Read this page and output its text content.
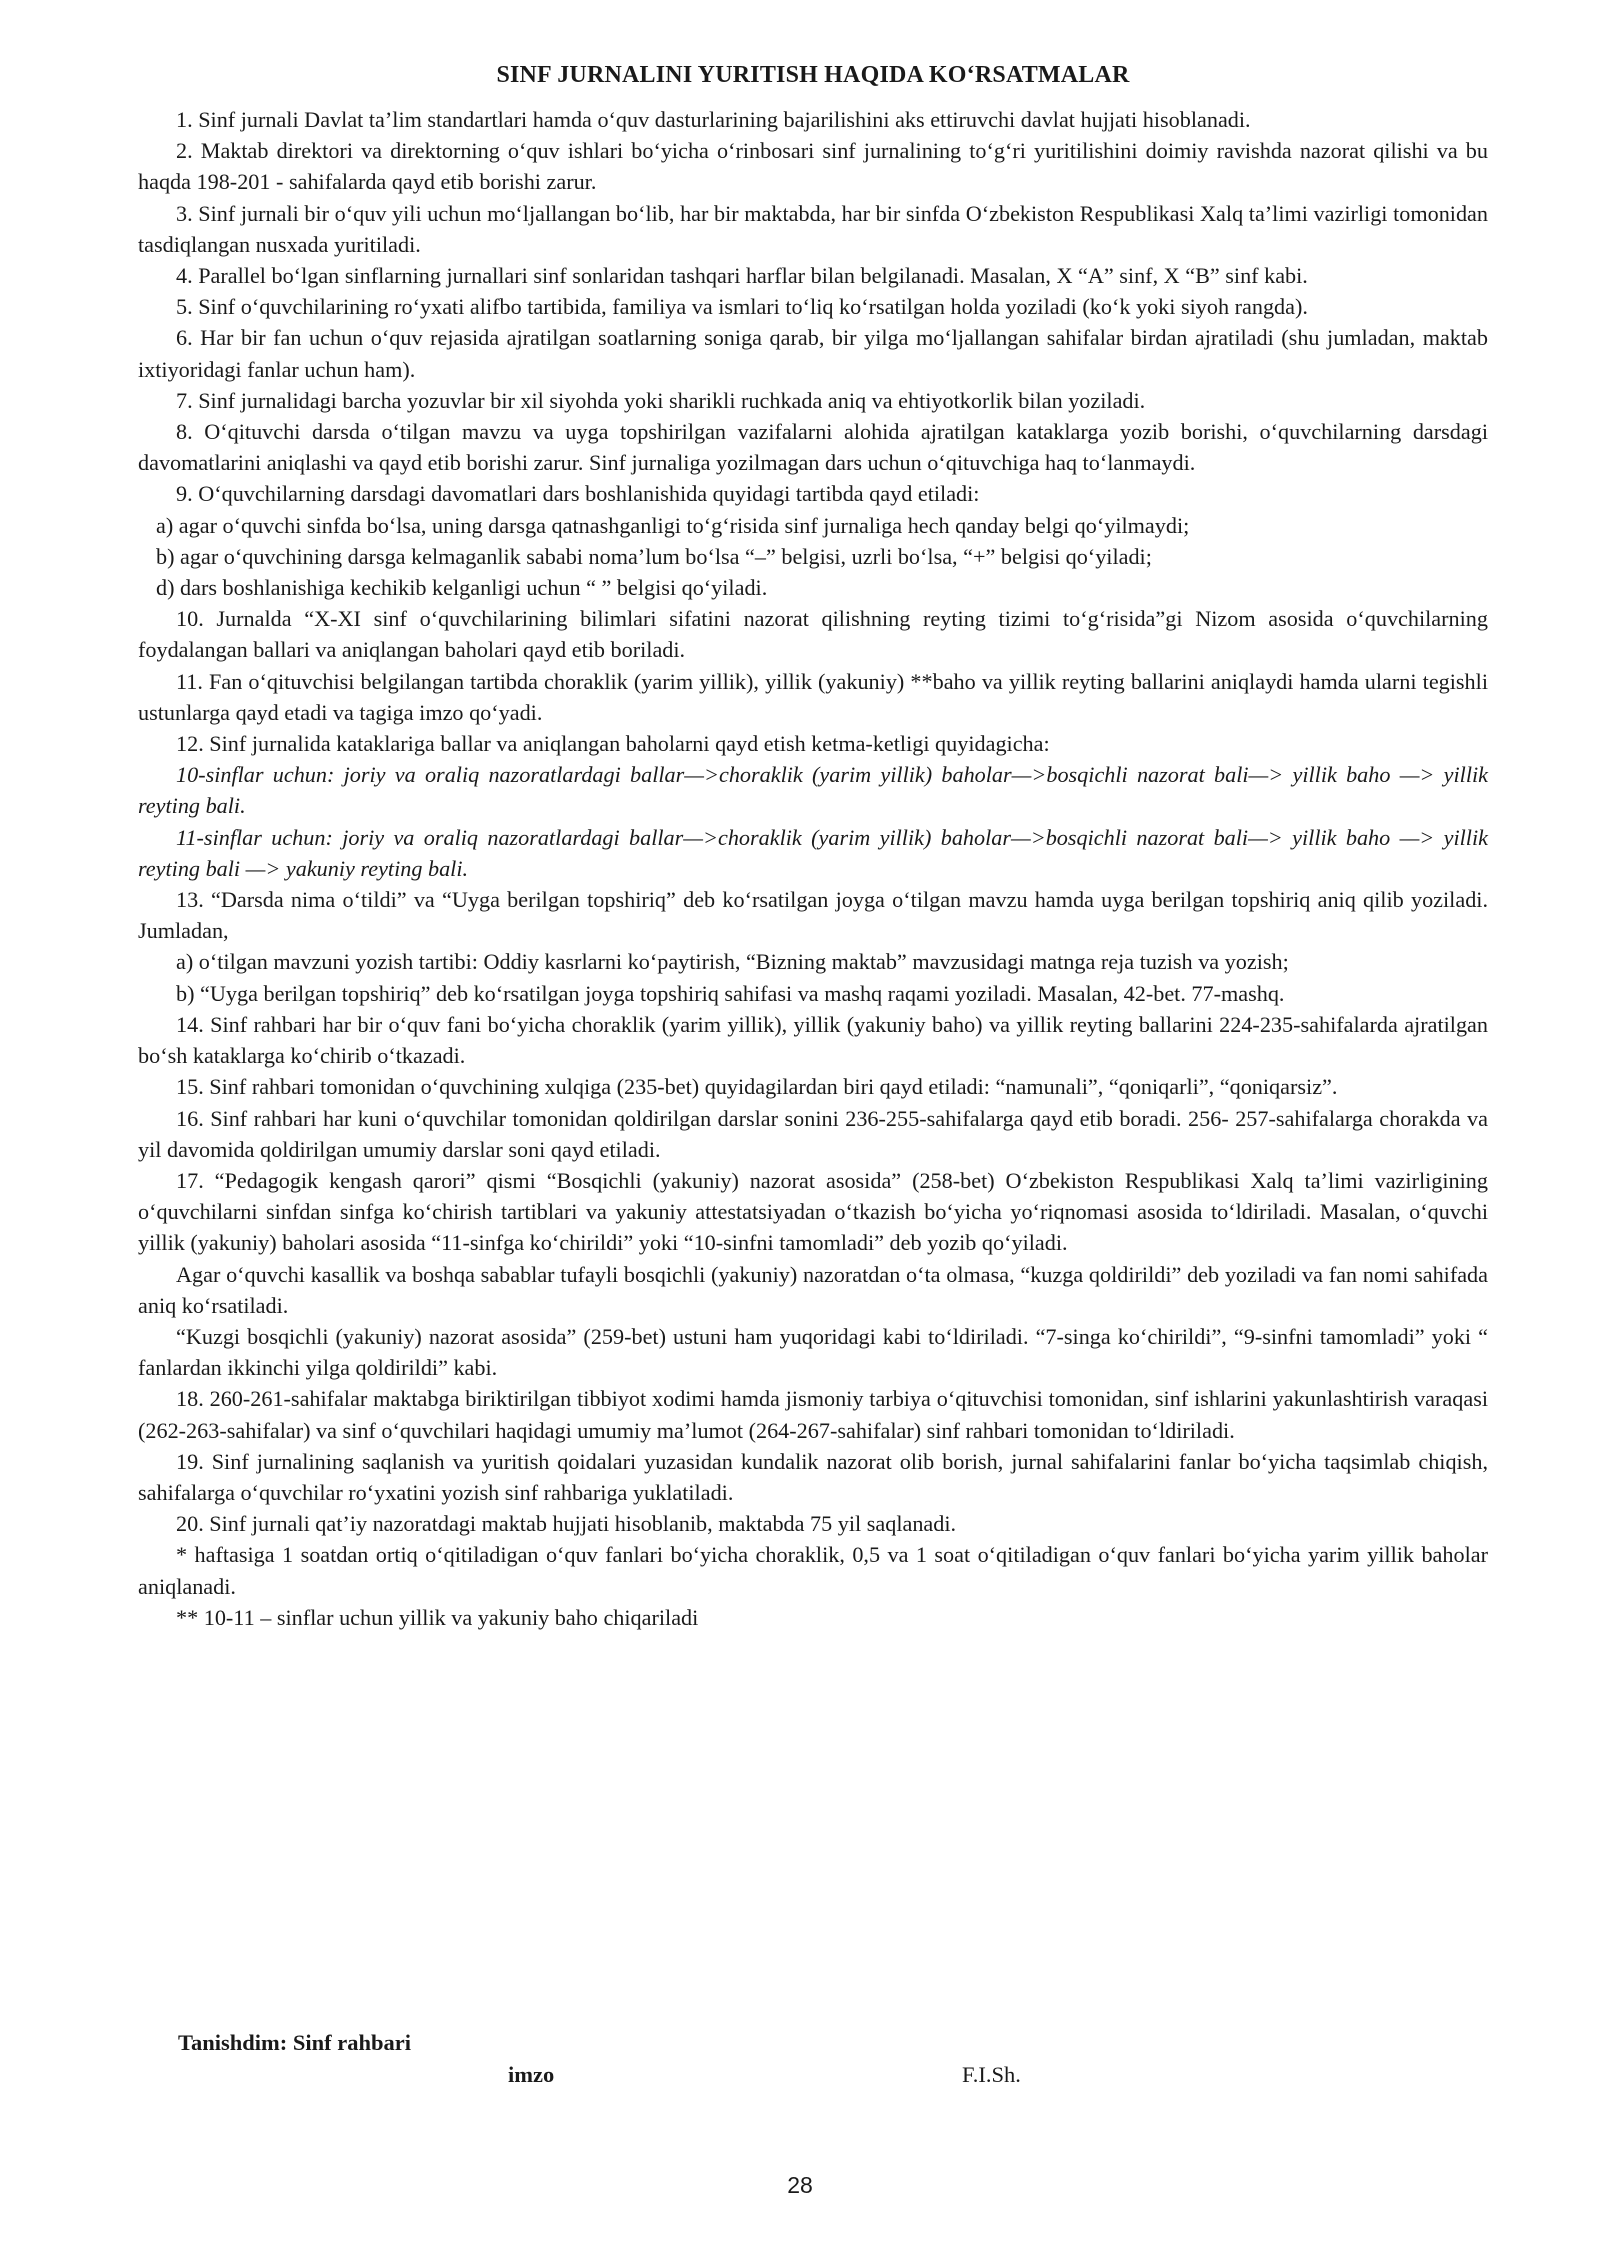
SINF JURNALINI YURITISH HAQIDA KO‘RSATMALAR

1. Sinf jurnali Davlat ta’lim standartlari hamda o‘quv dasturlarining bajarilishini aks ettiruvchi davlat hujjati hisoblanadi.

2. Maktab direktori va direktorning o‘quv ishlari bo‘yicha o‘rinbosari sinf jurnalining to‘g‘ri yuritilishini doimiy ravishda nazorat qilishi va bu haqda 198-201 - sahifalarda qayd etib borishi zarur.

3. Sinf jurnali bir o‘quv yili uchun mo‘ljallangan bo‘lib, har bir maktabda, har bir sinfda O‘zbekiston Respublikasi Xalq ta’limi vazirligi tomonidan tasdiqlangan nusxada yuritiladi.

4. Parallel bo‘lgan sinflarning jurnallari sinf sonlaridan tashqari harflar bilan belgilanadi. Masalan, X “A” sinf, X “B” sinf kabi.

5. Sinf o‘quvchilarining ro‘yxati alifbo tartibida, familiya va ismlari to‘liq ko‘rsatilgan holda yoziladi (ko‘k yoki siyoh rangda).

6. Har bir fan uchun o‘quv rejasida ajratilgan soatlarning soniga qarab, bir yilga mo‘ljallangan sahifalar birdan ajratiladi (shu jumladan, maktab ixtiyoridagi fanlar uchun ham).

7. Sinf jurnalidagi barcha yozuvlar bir xil siyohda yoki sharikli ruchkada aniq va ehtiyotkorlik bilan yoziladi.

8. O‘qituvchi darsda o‘tilgan mavzu va uyga topshirilgan vazifalarni alohida ajratilgan kataklarga yozib borishi, o‘quvchilarning darsdagi davomatlarini aniqlashi va qayd etib borishi zarur. Sinf jurnaliga yozilmagan dars uchun o‘qituvchiga haq to‘lanmaydi.

9. O‘quvchilarning darsdagi davomatlari dars boshlanishida quyidagi tartibda qayd etiladi:

a) agar o‘quvchi sinfda bo‘lsa, uning darsga qatnashganligi to‘g‘risida sinf jurnaliga hech qanday belgi qo‘yilmaydi;

b) agar o‘quvchining darsga kelmaganlik sababi noma’lum bo‘lsa “–” belgisi, uzrli bo‘lsa, “+” belgisi qo‘yiladi;

d) dars boshlanishiga kechikib kelganligi uchun “ ” belgisi qo‘yiladi.

10. Jurnalda “X-XI sinf o‘quvchilarining bilimlari sifatini nazorat qilishning reyting tizimi to‘g‘risida”gi Nizom asosida o‘quvchilarning foydalangan ballari va aniqlangan baholari qayd etib boriladi.

11. Fan o‘qituvchisi belgilangan tartibda choraklik (yarim yillik), yillik (yakuniy) **baho va yillik reyting ballarini aniqlaydi hamda ularni tegishli ustunlarga qayd etadi va tagiga imzo qo‘yadi.

12. Sinf jurnalida kataklariga ballar va aniqlangan baholarni qayd etish ketma-ketligi quyidagicha:

10-sinflar uchun: joriy va oraliq nazoratlardagi ballar—>choraklik (yarim yillik) baholar—>bosqichli nazorat bali—> yillik baho —> yillik reyting bali.

11-sinflar uchun: joriy va oraliq nazoratlardagi ballar—>choraklik (yarim yillik) baholar—>bosqichli nazorat bali—> yillik baho —> yillik reyting bali —> yakuniy reyting bali.

13. “Darsda nima o‘tildi” va “Uyga berilgan topshiriq” deb ko‘rsatilgan joyga o‘tilgan mavzu hamda uyga berilgan topshiriq aniq qilib yoziladi. Jumladan,

a) o‘tilgan mavzuni yozish tartibi: Oddiy kasrlarni ko‘paytirish, “Bizning maktab” mavzusidagi matnga reja tuzish va yozish;

b) “Uyga berilgan topshiriq” deb ko‘rsatilgan joyga topshiriq sahifasi va mashq raqami yoziladi. Masalan, 42-bet. 77-mashq.

14. Sinf rahbari har bir o‘quv fani bo‘yicha choraklik (yarim yillik), yillik (yakuniy baho) va yillik reyting ballarini 224-235-sahifalarda ajratilgan bo‘sh kataklarga ko‘chirib o‘tkazadi.

15. Sinf rahbari tomonidan o‘quvchining xulqiga (235-bet) quyidagilardan biri qayd etiladi: “namunali”, “qoniqarli”, “qoniqarsiz”.

16. Sinf rahbari har kuni o‘quvchilar tomonidan qoldirilgan darslar sonini 236-255-sahifalarga qayd etib boradi. 256- 257-sahifalarga chorakda va yil davomida qoldirilgan umumiy darslar soni qayd etiladi.

17. “Pedagogik kengash qarori” qismi “Bosqichli (yakuniy) nazorat asosida” (258-bet) O‘zbekiston Respublikasi Xalq ta’limi vazirligining o‘quvchilarni sinfdan sinfga ko‘chirish tartiblari va yakuniy attestatsiyadan o‘tkazish bo‘yicha yo‘riqnomasi asosida to‘ldiriladi. Masalan, o‘quvchi yillik (yakuniy) baholari asosida “11-sinfga ko‘chirildi” yoki “10-sinfni tamomladi” deb yozib qo‘yiladi.

Agar o‘quvchi kasallik va boshqa sabablar tufayli bosqichli (yakuniy) nazoratdan o‘ta olmasa, “kuzga qoldirildi” deb yoziladi va fan nomi sahifada aniq ko‘rsatiladi.

“Kuzgi bosqichli (yakuniy) nazorat asosida” (259-bet) ustuni ham yuqoridagi kabi to‘ldiriladi. “7-singa ko‘chirildi”, “9-sinfni tamomladi” yoki “ fanlardan ikkinchi yilga qoldirildi” kabi.

18. 260-261-sahifalar maktabga biriktirilgan tibbiyot xodimi hamda jismoniy tarbiya o‘qituvchisi tomonidan, sinf ishlarini yakunlashtirish varaqasi (262-263-sahifalar) va sinf o‘quvchilari haqidagi umumiy ma’lumot (264-267-sahifalar) sinf rahbari tomonidan to‘ldiriladi.

19. Sinf jurnalining saqlanish va yuritish qoidalari yuzasidan kundalik nazorat olib borish, jurnal sahifalarini fanlar bo‘yicha taqsimlab chiqish, sahifalarga o‘quvchilar ro‘yxatini yozish sinf rahbariga yuklatiladi.

20. Sinf jurnali qat’iy nazoratdagi maktab hujjati hisoblanib, maktabda 75 yil saqlanadi.

* haftasiga 1 soatdan ortiq o‘qitiladigan o‘quv fanlari bo‘yicha choraklik, 0,5 va 1 soat o‘qitiladigan o‘quv fanlari bo‘yicha yarim yillik baholar aniqlanadi.

** 10-11 – sinflar uchun yillik va yakuniy baho chiqariladi

Tanishdim: Sinf rahbari
imzo	F.I.Sh.
28
